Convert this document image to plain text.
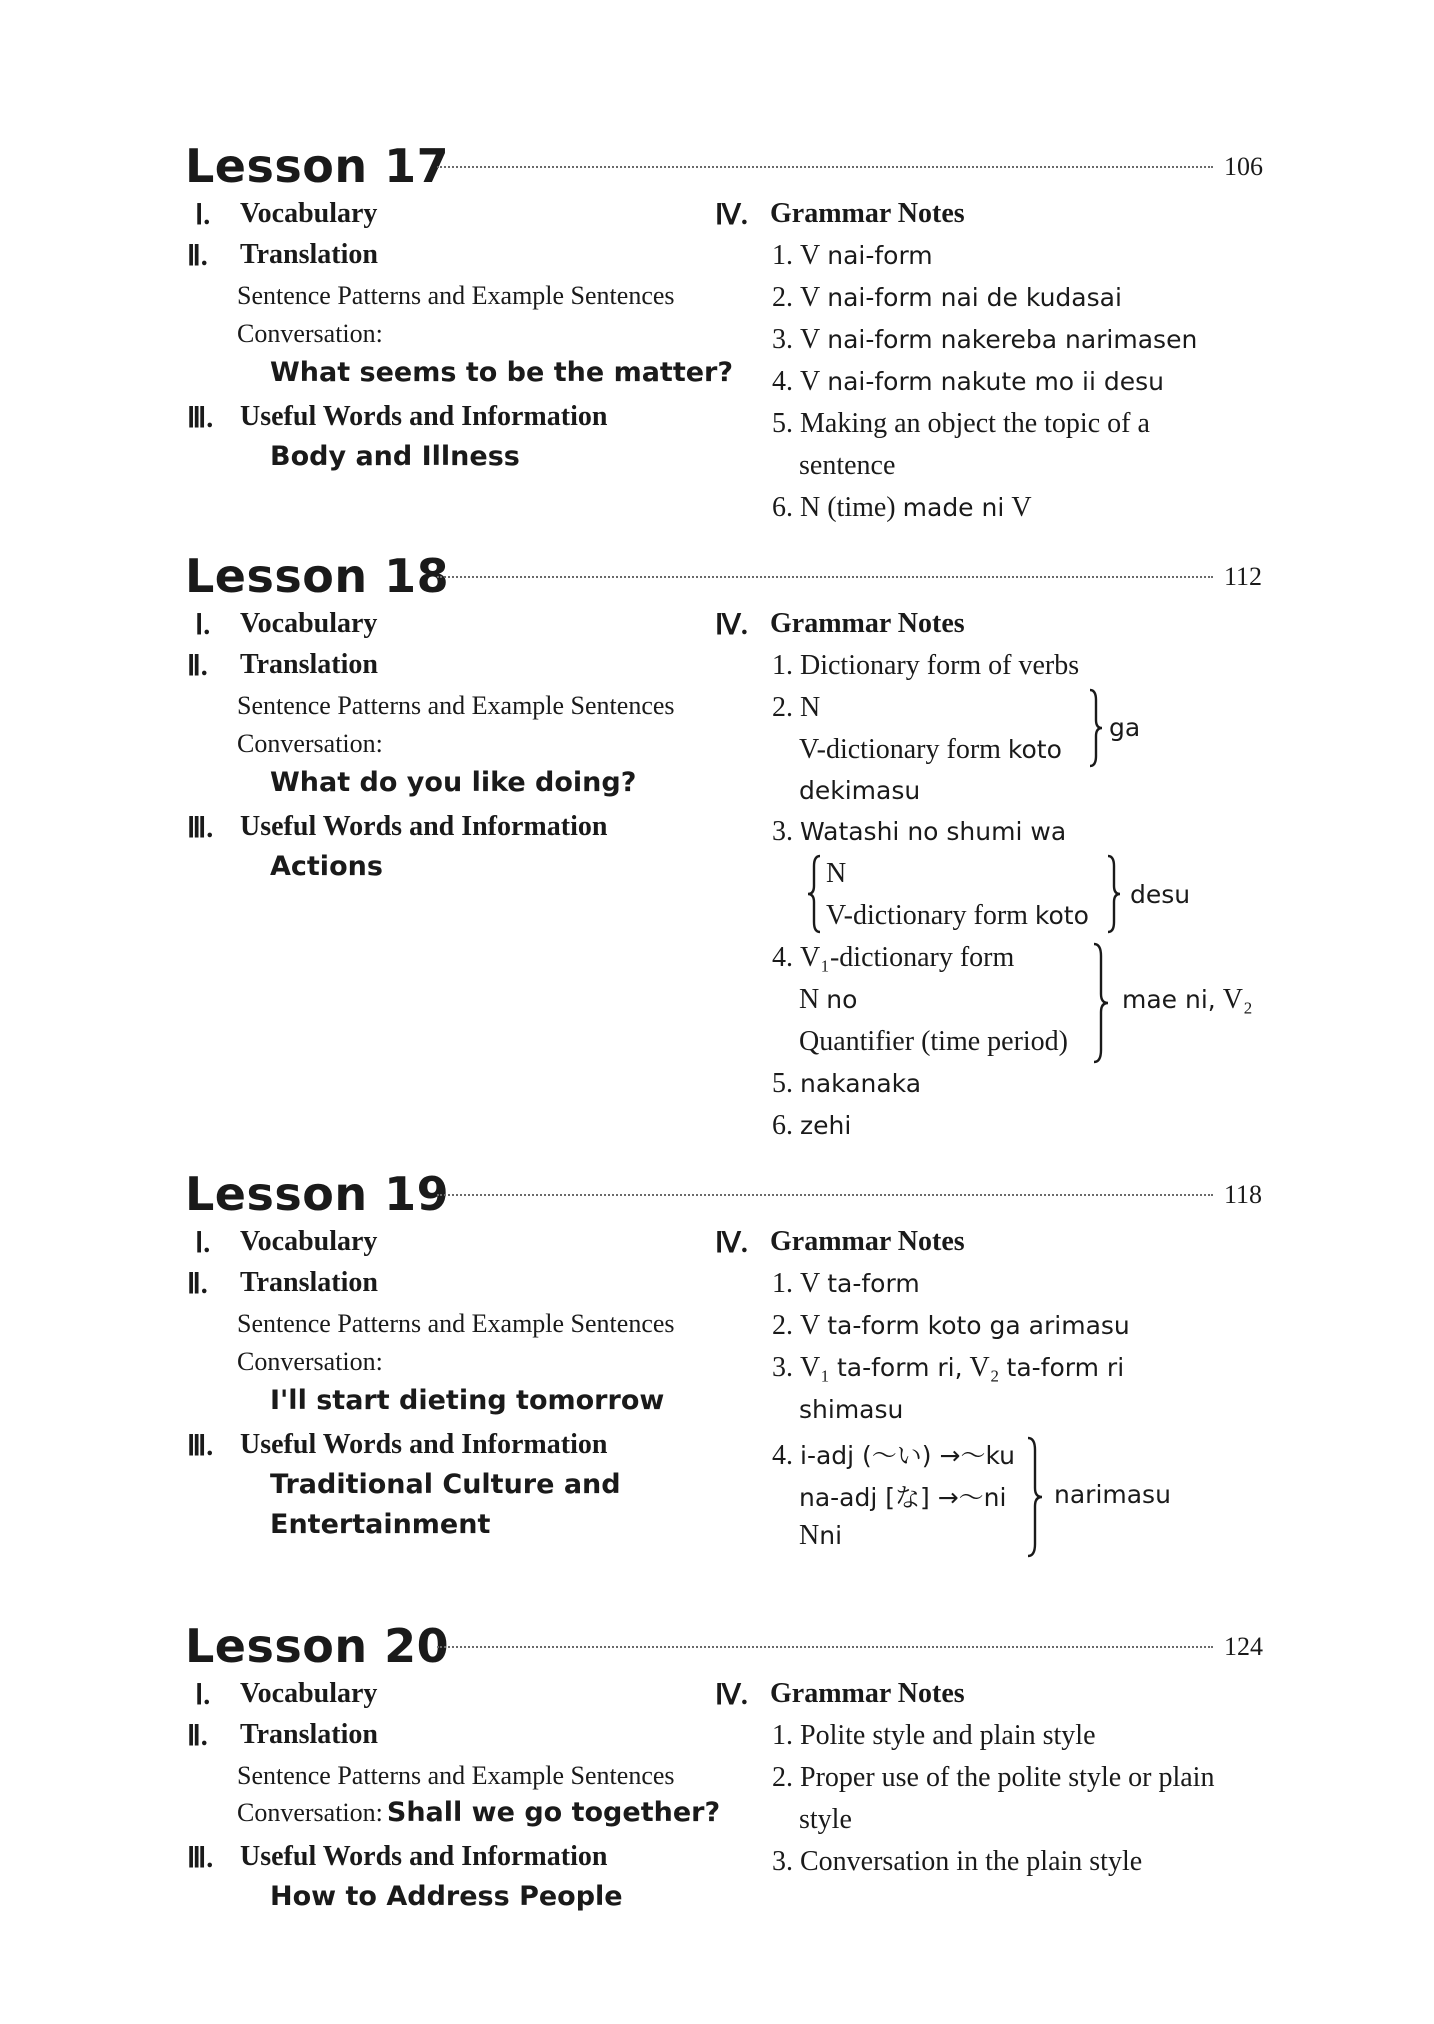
Lesson 17	106
Ⅰ. Vocabulary
Ⅱ. Translation
Sentence Patterns and Example Sentences
Conversation:
What seems to be the matter?
Ⅲ. Useful Words and Information
Body and Illness
Ⅳ. Grammar Notes
1. V nai-form
2. V nai-form nai de kudasai
3. V nai-form nakereba narimasen
4. V nai-form nakute mo ii desu
5. Making an object the topic of a
sentence
6. N (time) made ni V
Lesson 18	112
Ⅰ. Vocabulary
Ⅱ. Translation
Sentence Patterns and Example Sentences
Conversation:
What do you like doing?
Ⅲ. Useful Words and Information
Actions
Ⅳ. Grammar Notes
1. Dictionary form of verbs
2. N
V-dictionary form koto
ga
dekimasu
3. Watashi no shumi wa
N
V-dictionary form koto
desu
4. V₁-dictionary form
N no
Quantifier (time period)
mae ni, V₂
5. nakanaka
6. zehi
Lesson 19	118
Ⅰ. Vocabulary
Ⅱ. Translation
Sentence Patterns and Example Sentences
Conversation:
I'll start dieting tomorrow
Ⅲ. Useful Words and Information
Traditional Culture and
Entertainment
Ⅳ. Grammar Notes
1. V ta-form
2. V ta-form koto ga arimasu
3. V₁ ta-form ri, V₂ ta-form ri
shimasu
4. i-adj (〜い) →〜ku
na-adj [な] →〜ni
Nni
narimasu
Lesson 20	124
Ⅰ. Vocabulary
Ⅱ. Translation
Sentence Patterns and Example Sentences
Conversation: Shall we go together?
Ⅲ. Useful Words and Information
How to Address People
Ⅳ. Grammar Notes
1. Polite style and plain style
2. Proper use of the polite style or plain
style
3. Conversation in the plain style
